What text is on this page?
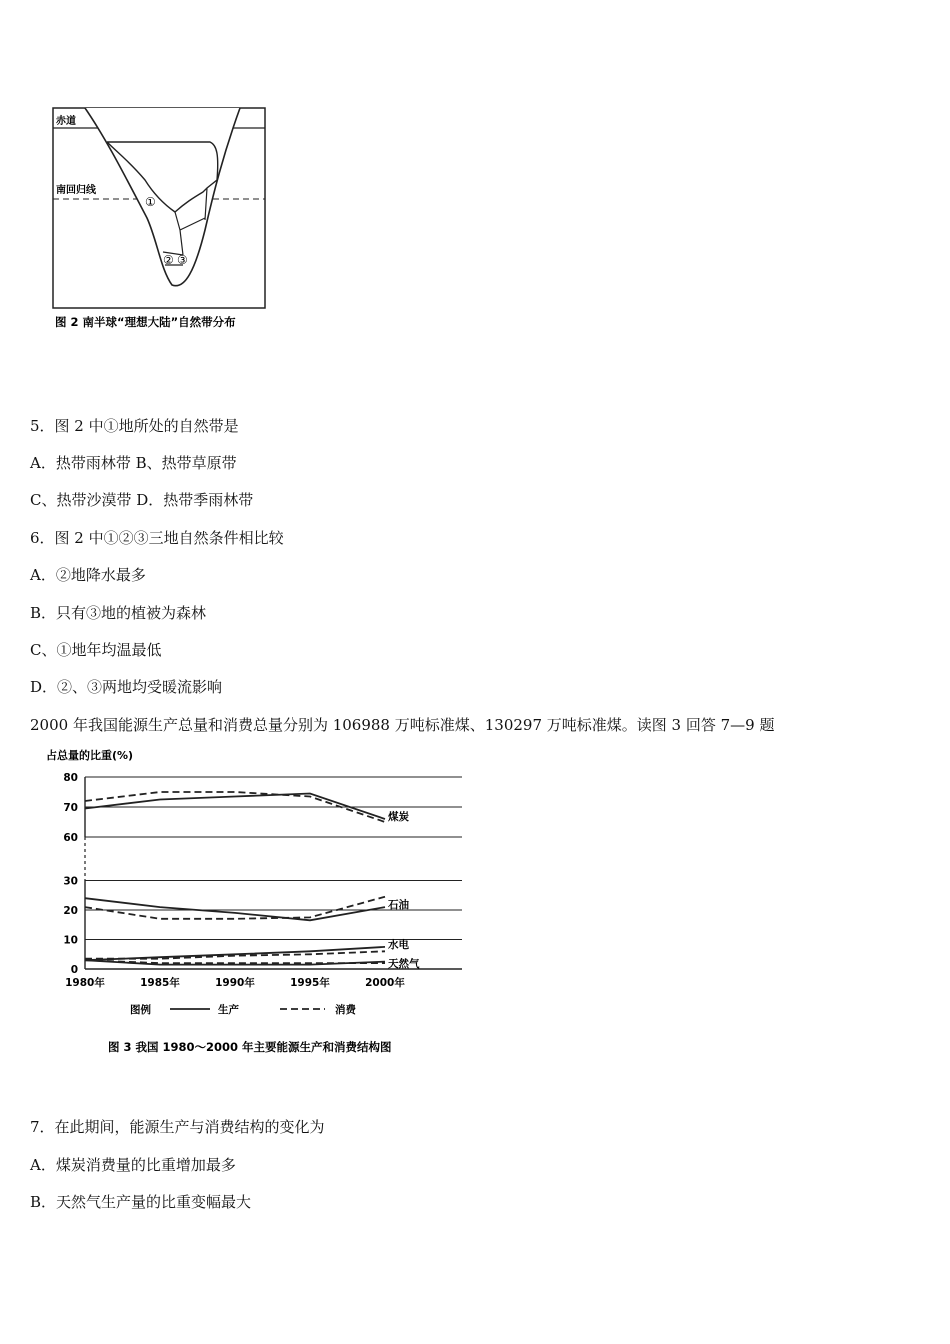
赤道
南回归线
①
② ③
图 2 南半球“理想大陆”自然带分布
5．图 2 中①地所处的自然带是
A．热带雨林带 B、热带草原带
C、热带沙漠带 D．热带季雨林带
6．图 2 中①②③三地自然条件相比较
A．②地降水最多
B．只有③地的植被为森林
C、①地年均温最低
D．②、③两地均受暖流影响
2000 年我国能源生产总量和消费总量分别为 106988 万吨标准煤、130297 万吨标准煤。读图 3 回答 7—9 题
占总量的比重(%)
0
10
20
30
60
70
80
1980年	1985年	1990年	1995年	2000年
煤炭
石油
水电
天然气
图例	生产	消费
图 3 我国 1980～2000 年主要能源生产和消费结构图
7．在此期间，能源生产与消费结构的变化为
A．煤炭消费量的比重增加最多
B．天然气生产量的比重变幅最大
